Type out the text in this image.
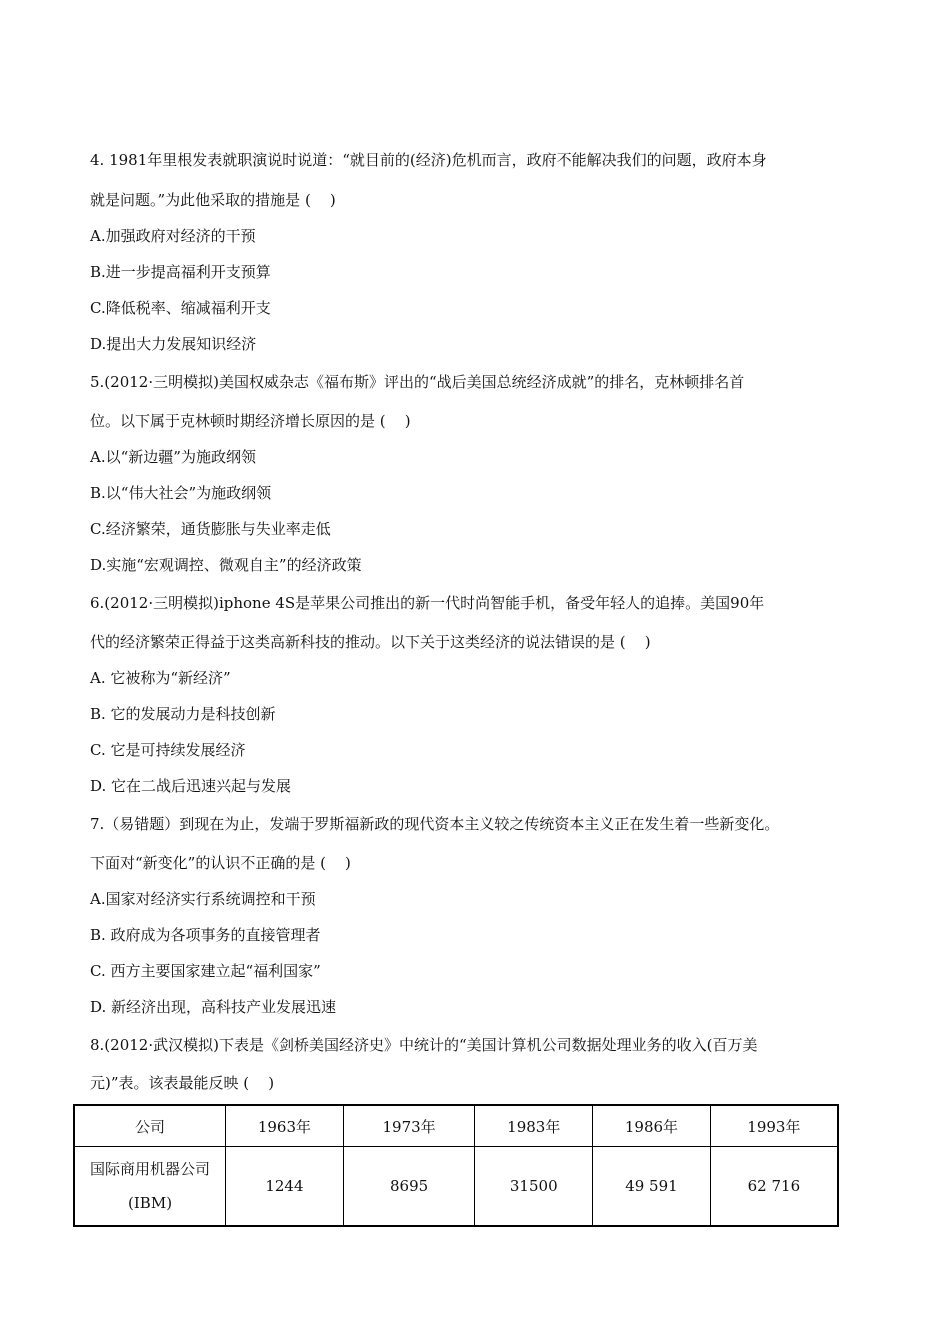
4. 1981年里根发表就职演说时说道：“就目前的(经济)危机而言，政府不能解决我们的问题，政府本身
就是问题。”为此他采取的措施是 (    )
A.加强政府对经济的干预
B.进一步提高福利开支预算
C.降低税率、缩减福利开支
D.提出大力发展知识经济
5.(2012·三明模拟)美国权威杂志《福布斯》评出的“战后美国总统经济成就”的排名，克林顿排名首
位。以下属于克林顿时期经济增长原因的是 (    )
A.以“新边疆”为施政纲领
B.以“伟大社会”为施政纲领
C.经济繁荣，通货膨胀与失业率走低
D.实施“宏观调控、微观自主”的经济政策
6.(2012·三明模拟)iphone 4S是苹果公司推出的新一代时尚智能手机，备受年轻人的追捧。美国90年
代的经济繁荣正得益于这类高新科技的推动。以下关于这类经济的说法错误的是 (    )
A. 它被称为“新经济”
B. 它的发展动力是科技创新
C. 它是可持续发展经济
D. 它在二战后迅速兴起与发展
7.（易错题）到现在为止，发端于罗斯福新政的现代资本主义较之传统资本主义正在发生着一些新变化。
下面对“新变化”的认识不正确的是 (    )
A.国家对经济实行系统调控和干预
B. 政府成为各项事务的直接管理者
C. 西方主要国家建立起“福利国家”
D. 新经济出现，高科技产业发展迅速
8.(2012·武汉模拟)下表是《剑桥美国经济史》中统计的“美国计算机公司数据处理业务的收入(百万美
元)”表。该表最能反映 (    )
公司	1963年	1973年	1983年	1986年	1993年

国际商用机器公司
(IBM)	1244	8695	31500	49 591	62 716
